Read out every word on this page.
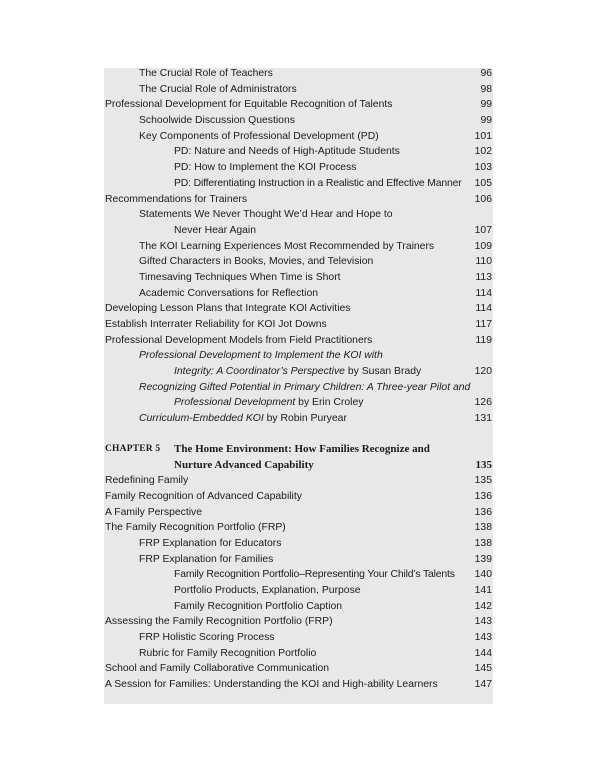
The Crucial Role of Teachers	96
The Crucial Role of Administrators	98
Professional Development for Equitable Recognition of Talents	99
Schoolwide Discussion Questions	99
Key Components of Professional Development (PD)	101
PD: Nature and Needs of High-Aptitude Students	102
PD: How to Implement the KOI Process	103
PD: Differentiating Instruction in a Realistic and Effective Manner 105
Recommendations for Trainers	106
Statements We Never Thought We’d Hear and Hope to
Never Hear Again	107
The KOI Learning Experiences Most Recommended by Trainers	109
Gifted Characters in Books, Movies, and Television	110
Timesaving Techniques When Time is Short	113
Academic Conversations for Reflection	114
Developing Lesson Plans that Integrate KOI Activities	114
Establish Interrater Reliability for KOI Jot Downs	117
Professional Development Models from Field Practitioners	119
Professional Development to Implement the KOI with
Integrity: A Coordinator’s Perspective by Susan Brady	120
Recognizing Gifted Potential in Primary Children: A Three-year Pilot and
Professional Development by Erin Croley	126
Curriculum-Embedded KOI by Robin Puryear	131
CHAPTER 5 The Home Environment: How Families Recognize and
Nurture Advanced Capability	135
Redefining Family	135
Family Recognition of Advanced Capability	136
A Family Perspective	136
The Family Recognition Portfolio (FRP)	138
FRP Explanation for Educators	138
FRP Explanation for Families	139
Family Recognition Portfolio–Representing Your Child’s Talents 140
Portfolio Products, Explanation, Purpose	141
Family Recognition Portfolio Caption	142
Assessing the Family Recognition Portfolio (FRP)	143
FRP Holistic Scoring Process	143
Rubric for Family Recognition Portfolio	144
School and Family Collaborative Communication	145
A Session for Families: Understanding the KOI and High-ability Learners	147
